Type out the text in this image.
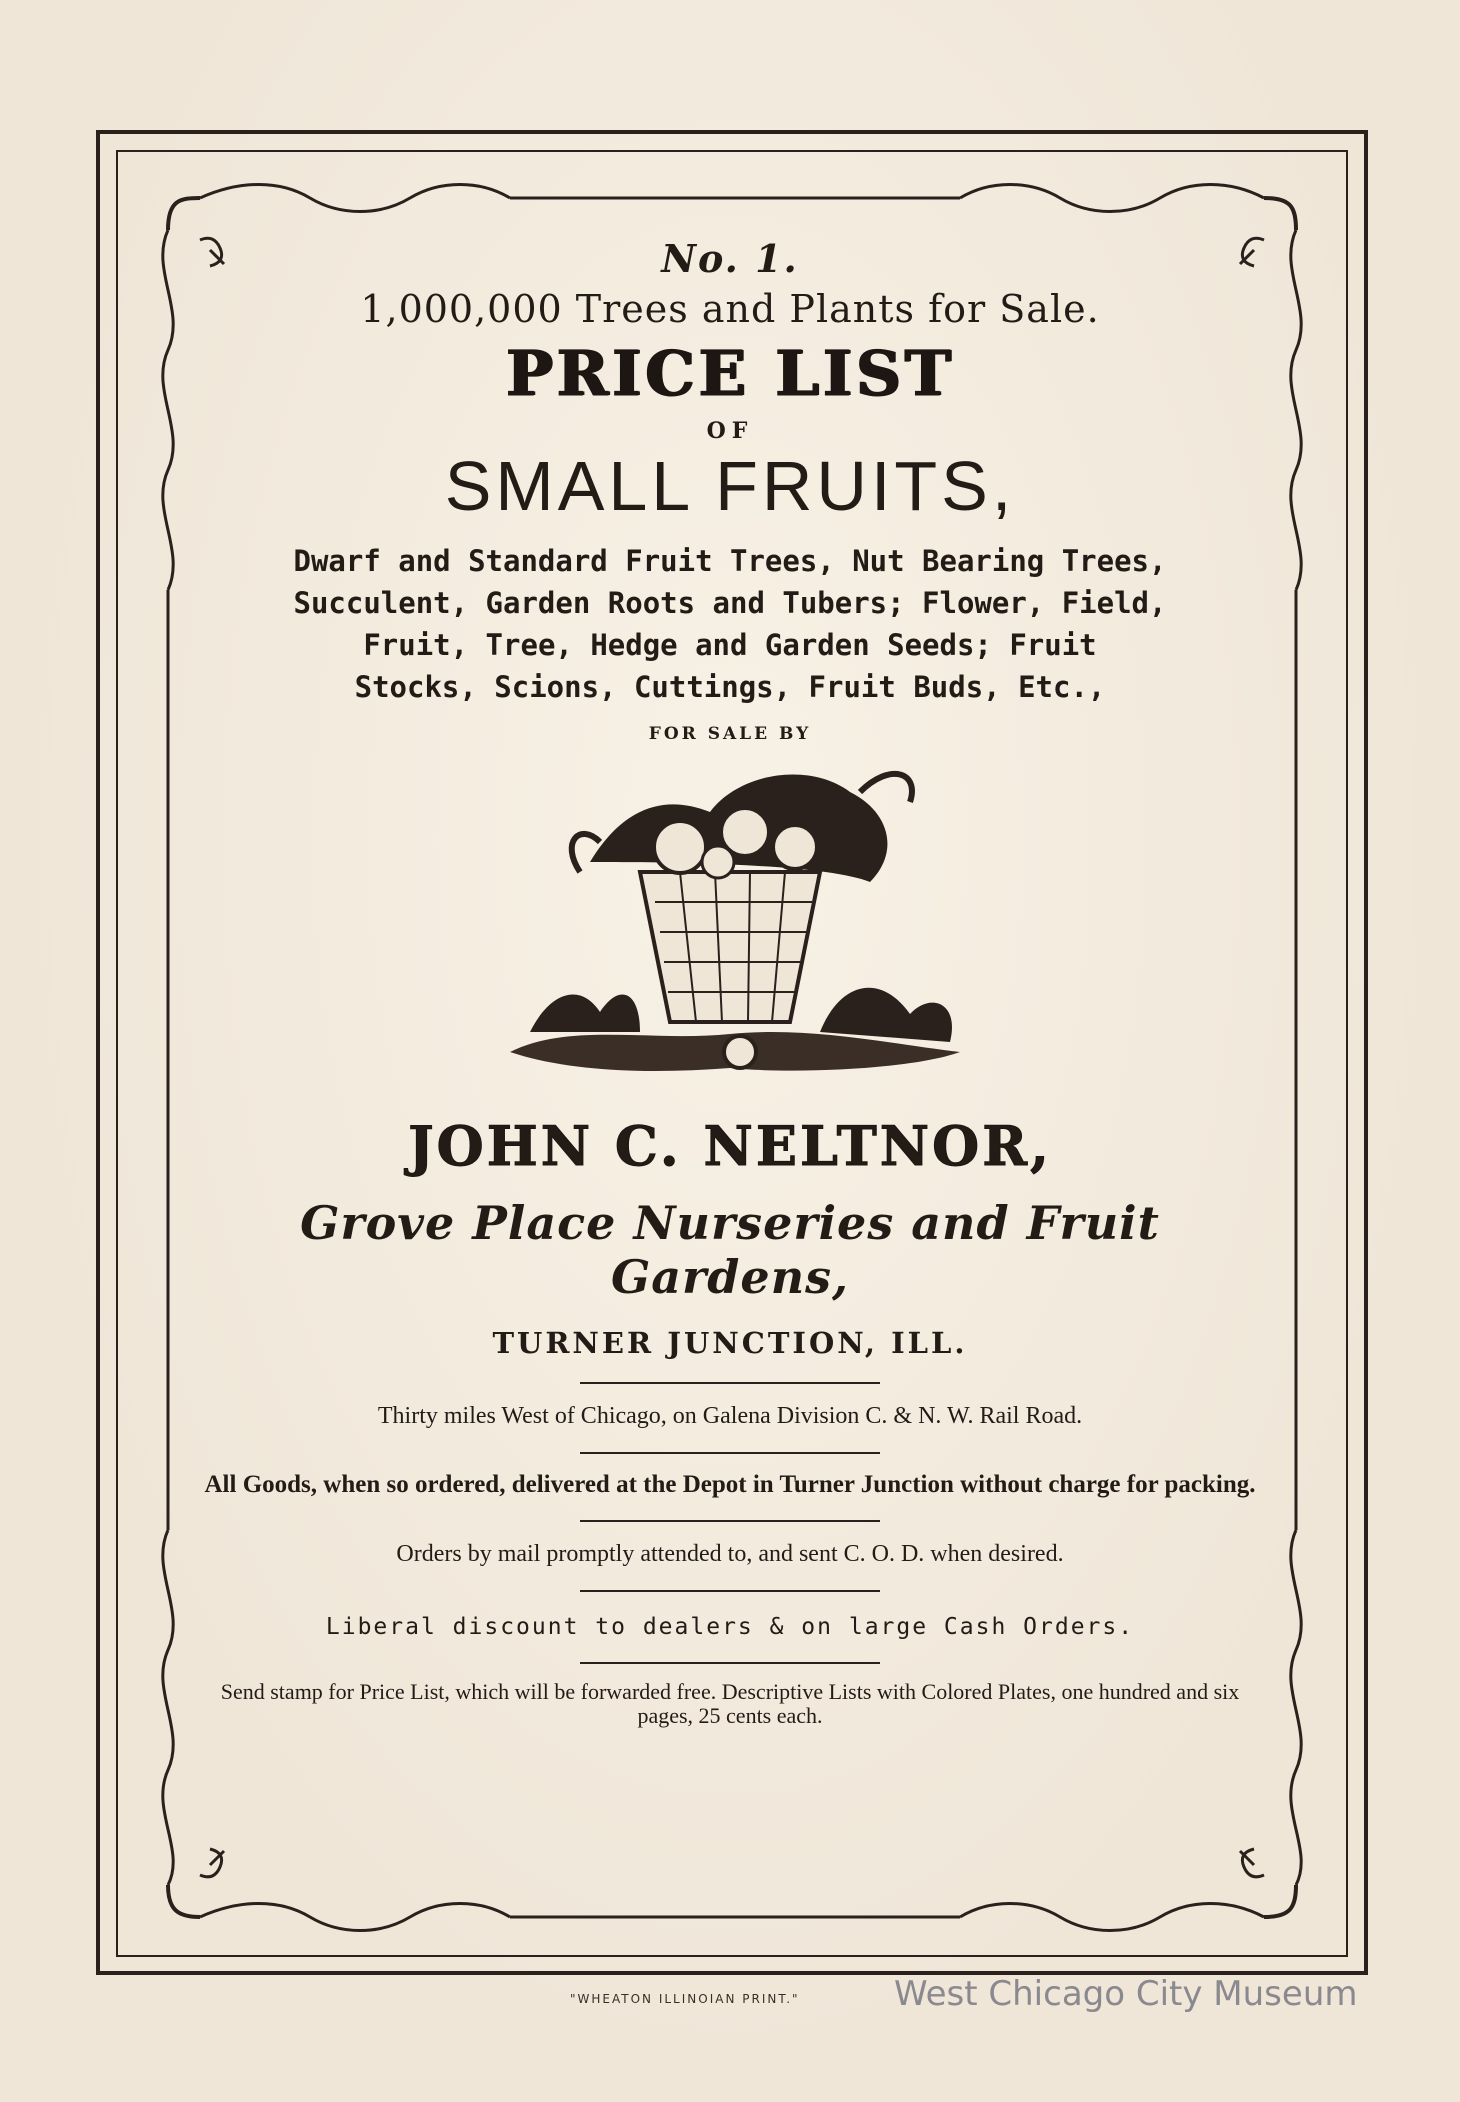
No. 1.
1,000,000 Trees and Plants for Sale.
PRICE LIST
OF
SMALL FRUITS,
Dwarf and Standard Fruit Trees, Nut Bearing Trees,
Succulent, Garden Roots and Tubers; Flower, Field,
Fruit, Tree, Hedge and Garden Seeds; Fruit
Stocks, Scions, Cuttings, Fruit Buds, Etc.,
FOR SALE BY
JOHN C. NELTNOR,
Grove Place Nurseries and Fruit Gardens,
TURNER JUNCTION, ILL.
Thirty miles West of Chicago, on Galena Division C. & N. W. Rail Road.
All Goods, when so ordered, delivered at the Depot in Turner Junction without charge for packing.
Orders by mail promptly attended to, and sent C. O. D. when desired.
Liberal discount to dealers & on large Cash Orders.
Send stamp for Price List, which will be forwarded free. Descriptive Lists with Colored Plates, one hundred and six pages, 25 cents each.
"WHEATON ILLINOIAN PRINT."	West Chicago City Museum
